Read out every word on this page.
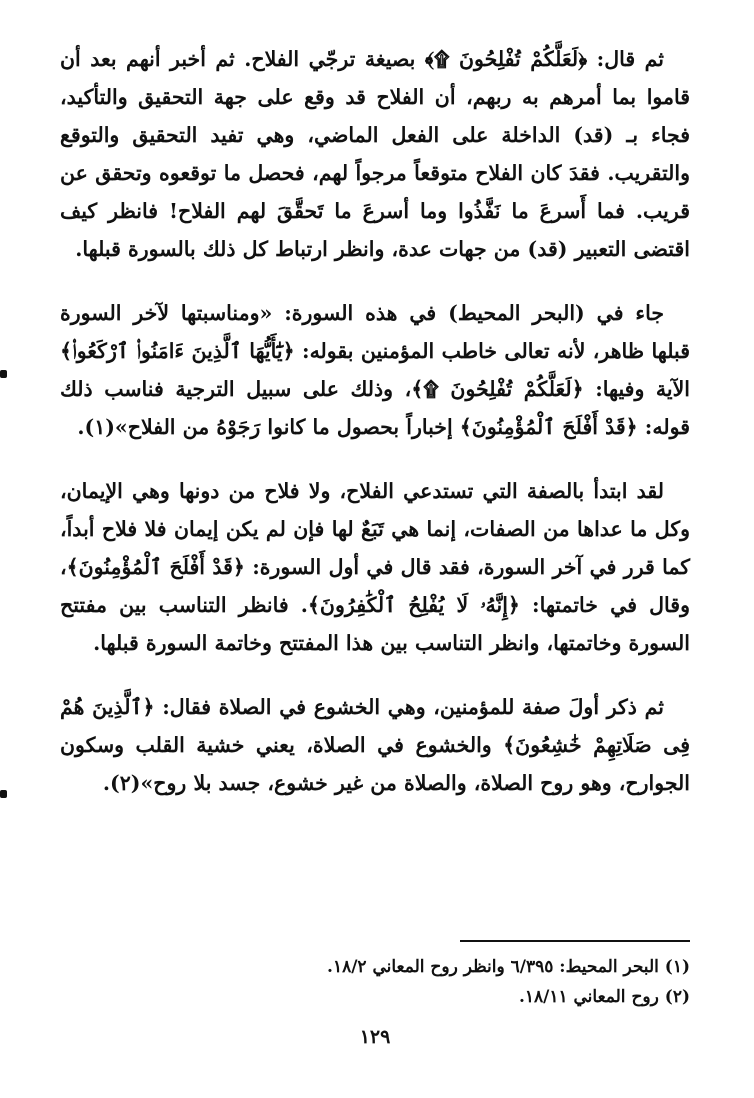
ثم قال: ﴿لَعَلَّكُمْ تُفْلِحُونَ ۩﴾ بصيغة ترجّي الفلاح. ثم أخبر أنهم بعد أن قاموا بما أمرهم به ربهم، أن الفلاح قد وقع على جهة التحقيق والتأكيد، فجاء بـ (قد) الداخلة على الفعل الماضي، وهي تفيد التحقيق والتوقع والتقريب. فقدَ كان الفلاح متوقعاً مرجواً لهم، فحصل ما توقعوه وتحقق عن قريب. فما أَسرعَ ما نَفَّذُوا وما أسرعَ ما تَحقَّقَ لهم الفلاح! فانظر كيف اقتضى التعبير (قد) من جهات عدة، وانظر ارتباط كل ذلك بالسورة قبلها.

جاء في (البحر المحيط) في هذه السورة: «ومناسبتها لآخر السورة قبلها ظاهر، لأنه تعالى خاطب المؤمنين بقوله: ﴿يَٰٓأَيُّهَا ٱلَّذِينَ ءَامَنُوا۟ ٱرْكَعُوا۟﴾ الآية وفيها: ﴿لَعَلَّكُمْ تُفْلِحُونَ ۩﴾، وذلك على سبيل الترجية فناسب ذلك قوله: ﴿قَدْ أَفْلَحَ ٱلْمُؤْمِنُونَ﴾ إخباراً بحصول ما كانوا رَجَوْهُ من الفلاح»(١).

لقد ابتدأ بالصفة التي تستدعي الفلاح، ولا فلاح من دونها وهي الإيمان، وكل ما عداها من الصفات، إنما هي تَبَعٌ لها فإن لم يكن إيمان فلا فلاح أبداً، كما قرر في آخر السورة، فقد قال في أول السورة: ﴿قَدْ أَفْلَحَ ٱلْمُؤْمِنُونَ﴾، وقال في خاتمتها: ﴿إِنَّهُۥ لَا يُفْلِحُ ٱلْكَٰفِرُونَ﴾. فانظر التناسب بين مفتتح السورة وخاتمتها، وانظر التناسب بين هذا المفتتح وخاتمة السورة قبلها.

ثم ذكر أولَ صفة للمؤمنين، وهي الخشوع في الصلاة فقال: ﴿ٱلَّذِينَ هُمْ فِى صَلَاتِهِمْ خَٰشِعُونَ﴾ والخشوع في الصلاة، يعني خشية القلب وسكون الجوارح، وهو روح الصلاة، والصلاة من غير خشوع، جسد بلا روح»(٢).

(١) البحر المحيط: ٦/٣٩٥ وانظر روح المعاني ١٨/٢.

(٢) روح المعاني ١٨/١١.

١٢٩
